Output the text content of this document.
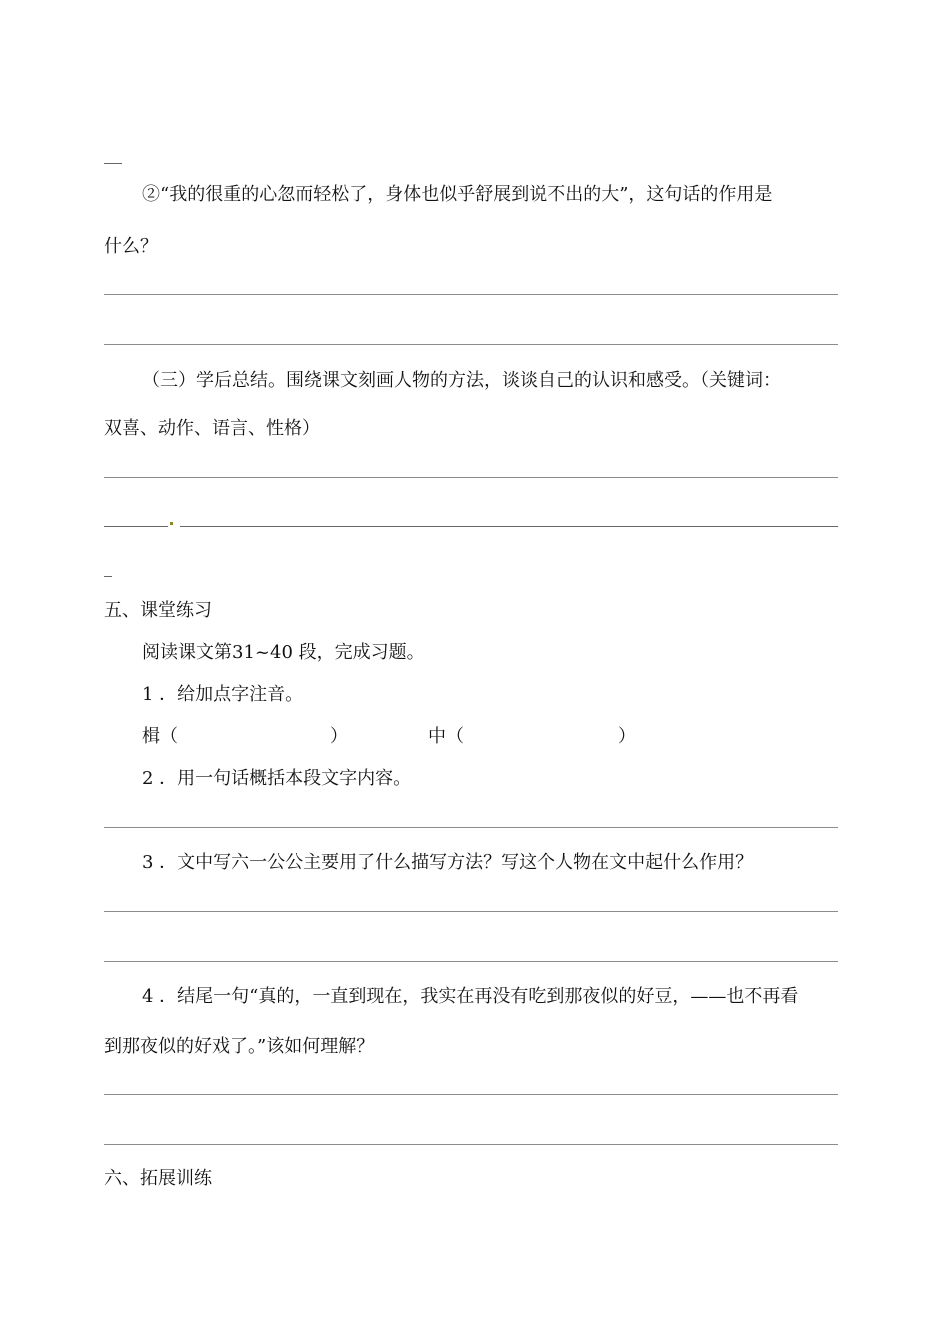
②“我的很重的心忽而轻松了，身体也似乎舒展到说不出的大”，这句话的作用是
什么？
（三）学后总结。围绕课文刻画人物的方法，谈谈自己的认识和感受。（关键词：
双喜、动作、语言、性格）
五、课堂练习
阅读课文第31~40 段，完成习题。
1 ．给加点字注音。
楫（	）	中（	）
2 ．用一句话概括本段文字内容。
3 ．文中写六一公公主要用了什么描写方法？写这个人物在文中起什么作用？
4 ．结尾一句“真的，一直到现在，我实在再没有吃到那夜似的好豆，——也不再看
到那夜似的好戏了。”该如何理解？
六、拓展训练
